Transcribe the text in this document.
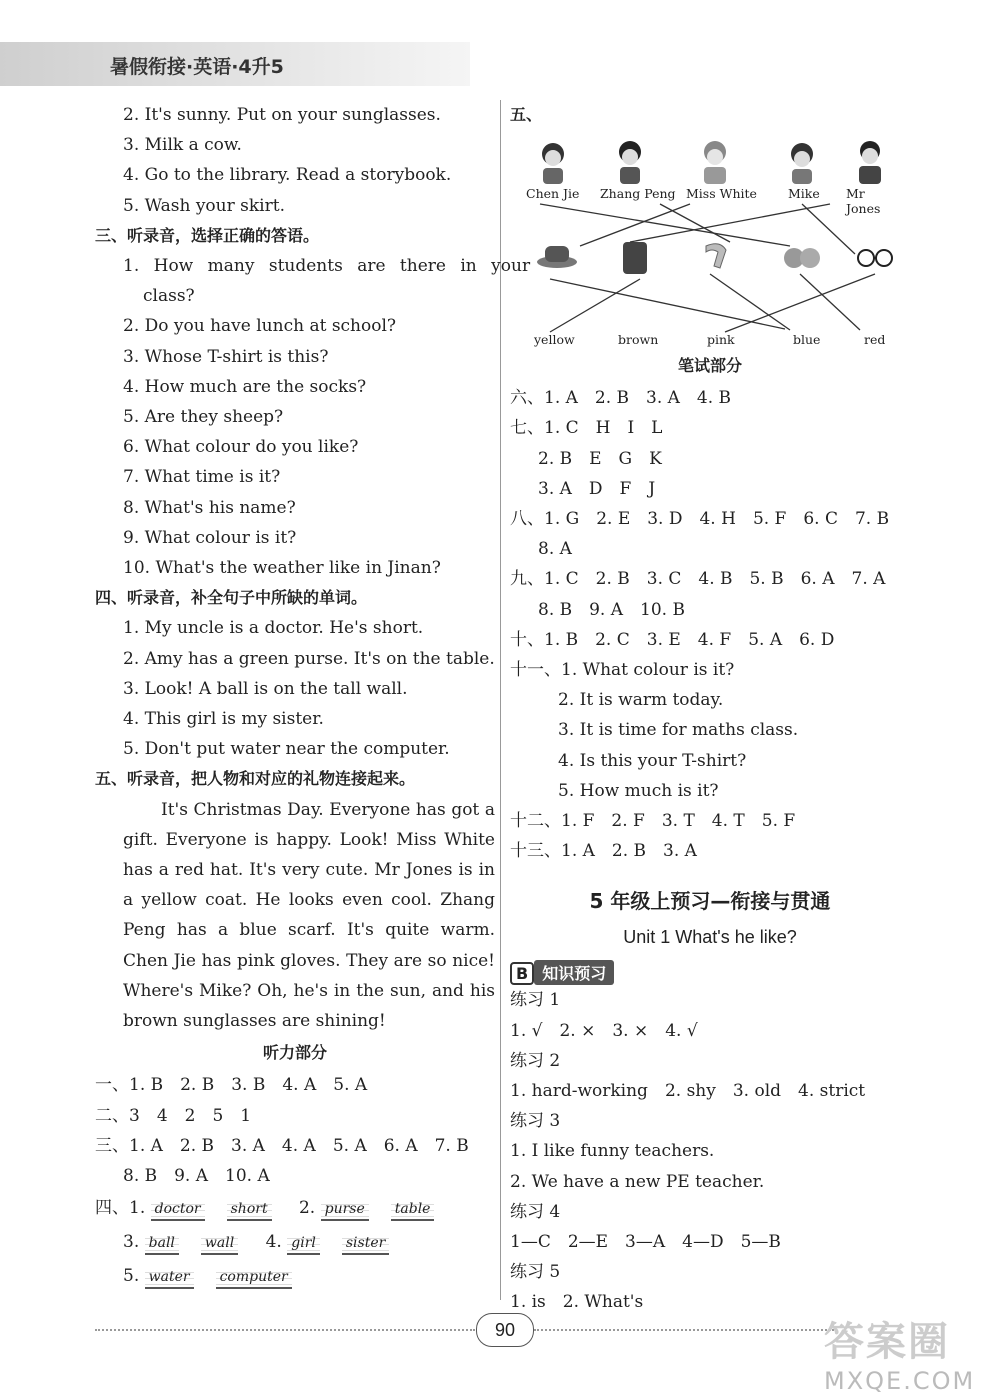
暑假衔接·英语·4升5
2. It's sunny. Put on your sunglasses.
3. Milk a cow.
4. Go to the library. Read a storybook.
5. Wash your skirt.
三、听录音，选择正确的答语。
1. How many students are there in your
class?
2. Do you have lunch at school?
3. Whose T-shirt is this?
4. How much are the socks?
5. Are they sheep?
6. What colour do you like?
7. What time is it?
8. What's his name?
9. What colour is it?
10. What's the weather like in Jinan?
四、听录音，补全句子中所缺的单词。
1. My uncle is a doctor. He's short.
2. Amy has a green purse. It's on the table.
3. Look! A ball is on the tall wall.
4. This girl is my sister.
5. Don't put water near the computer.
五、听录音，把人物和对应的礼物连接起来。
It's Christmas Day. Everyone has got a gift. Everyone is happy. Look! Miss White has a red hat. It's very cute. Mr Jones is in a yellow coat. He looks even cool. Zhang Peng has a blue scarf. It's quite warm. Chen Jie has pink gloves. They are so nice! Where's Mike? Oh, he's in the sun, and his brown sunglasses are shining!
听力部分
一、1. B　2. B　3. B　4. A　5. A
二、3　4　2　5　1
三、1. A　2. B　3. A　4. A　5. A　6. A　7. B
8. B　9. A　10. A
四、1. doctor short 2. purse table
3. ball wall 4. girl sister
5. water computer
五、
Chen Jie Zhang Peng Miss White Mike Mr Jones
yellow	brown	pink	blue	red
笔试部分
六、1. A　2. B　3. A　4. B
七、1. C　H　I　L
2. B　E　G　K
3. A　D　F　J
八、1. G　2. E　3. D　4. H　5. F　6. C　7. B
8. A
九、1. C　2. B　3. C　4. B　5. B　6. A　7. A
8. B　9. A　10. B
十、1. B　2. C　3. E　4. F　5. A　6. D
十一、1. What colour is it?
2. It is warm today.
3. It is time for maths class.
4. Is this your T-shirt?
5. How much is it?
十二、1. F　2. F　3. T　4. T　5. F
十三、1. A　2. B　3. A
5 年级上预习—衔接与贯通
Unit 1 What's he like?
B 知识预习
练习 1
1. √　2. ×　3. ×　4. √
练习 2
1. hard-working　2. shy　3. old　4. strict
练习 3
1. I like funny teachers.
2. We have a new PE teacher.
练习 4
1—C　2—E　3—A　4—D　5—B
练习 5
1. is　2. What's
90	答案圈
MXQE.COM
